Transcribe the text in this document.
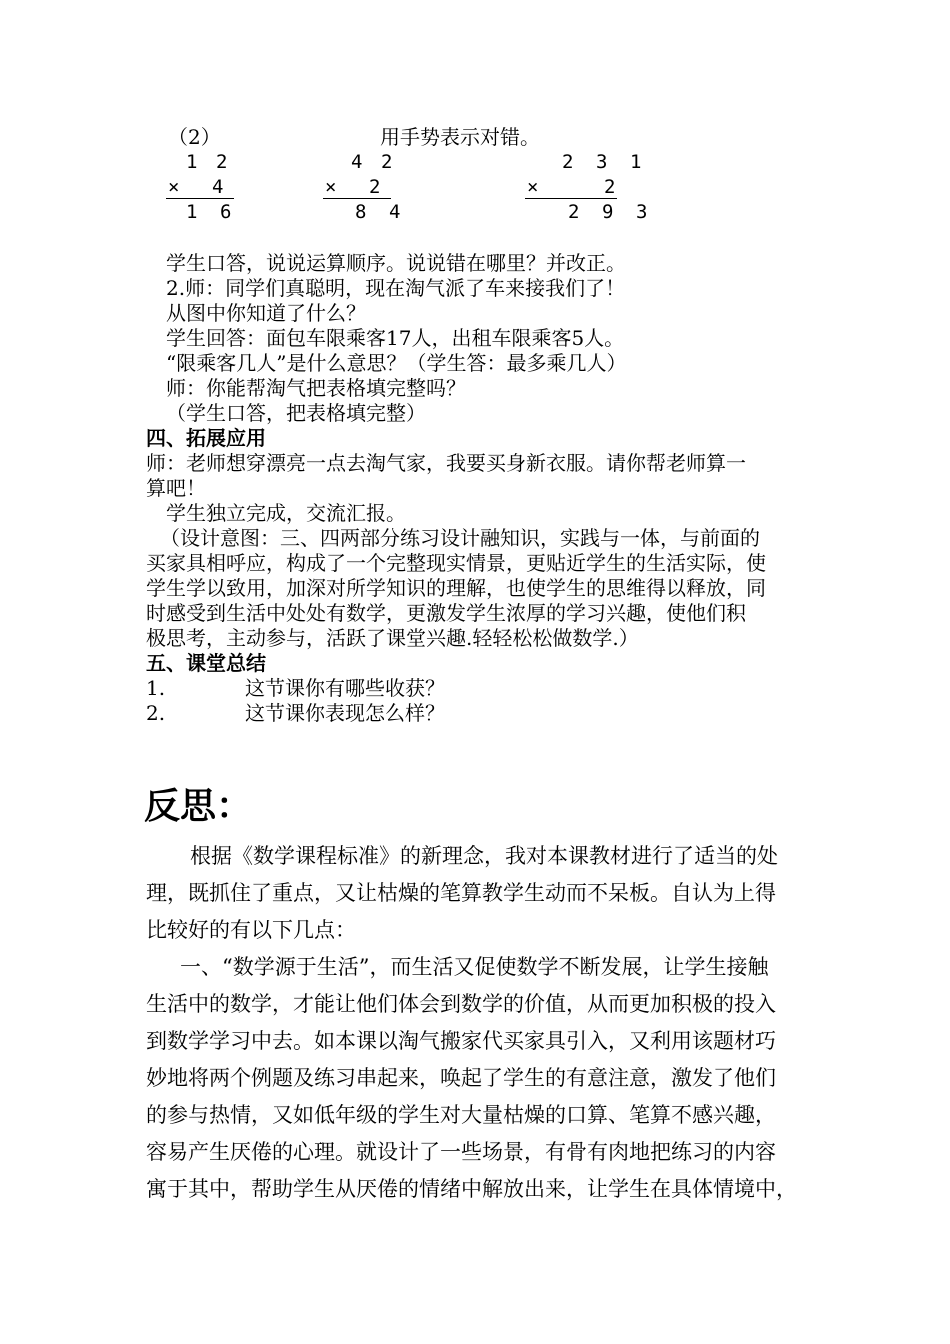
（2）	用手势表示对错。
1 2
× 4
1 6
4 2
× 2
8 4
2 3 1
×	2
2 9 3
学生口答，说说运算顺序。说说错在哪里？并改正。
2.师：同学们真聪明，现在淘气派了车来接我们了！
从图中你知道了什么？
学生回答：面包车限乘客17人，出租车限乘客5人。
“限乘客几人”是什么意思？（学生答：最多乘几人）
师：你能帮淘气把表格填完整吗？
（学生口答，把表格填完整）
四、拓展应用
师：老师想穿漂亮一点去淘气家，我要买身新衣服。请你帮老师算一
算吧！
学生独立完成，交流汇报。
（设计意图：三、四两部分练习设计融知识，实践与一体，与前面的
买家具相呼应，构成了一个完整现实情景，更贴近学生的生活实际，使
学生学以致用，加深对所学知识的理解，也使学生的思维得以释放，同
时感受到生活中处处有数学，更激发学生浓厚的学习兴趣，使他们积
极思考，主动参与，活跃了课堂兴趣.轻轻松松做数学.）
五、课堂总结
1.	这节课你有哪些收获？
2.	这节课你表现怎么样？
反思：
根据《数学课程标准》的新理念，我对本课教材进行了适当的处
理，既抓住了重点，又让枯燥的笔算教学生动而不呆板。自认为上得
比较好的有以下几点：
一、“数学源于生活”，而生活又促使数学不断发展，让学生接触
生活中的数学，才能让他们体会到数学的价值，从而更加积极的投入
到数学学习中去。如本课以淘气搬家代买家具引入，又利用该题材巧
妙地将两个例题及练习串起来，唤起了学生的有意注意，激发了他们
的参与热情，又如低年级的学生对大量枯燥的口算、笔算不感兴趣，
容易产生厌倦的心理。就设计了一些场景，有骨有肉地把练习的内容
寓于其中，帮助学生从厌倦的情绪中解放出来，让学生在具体情境中，
